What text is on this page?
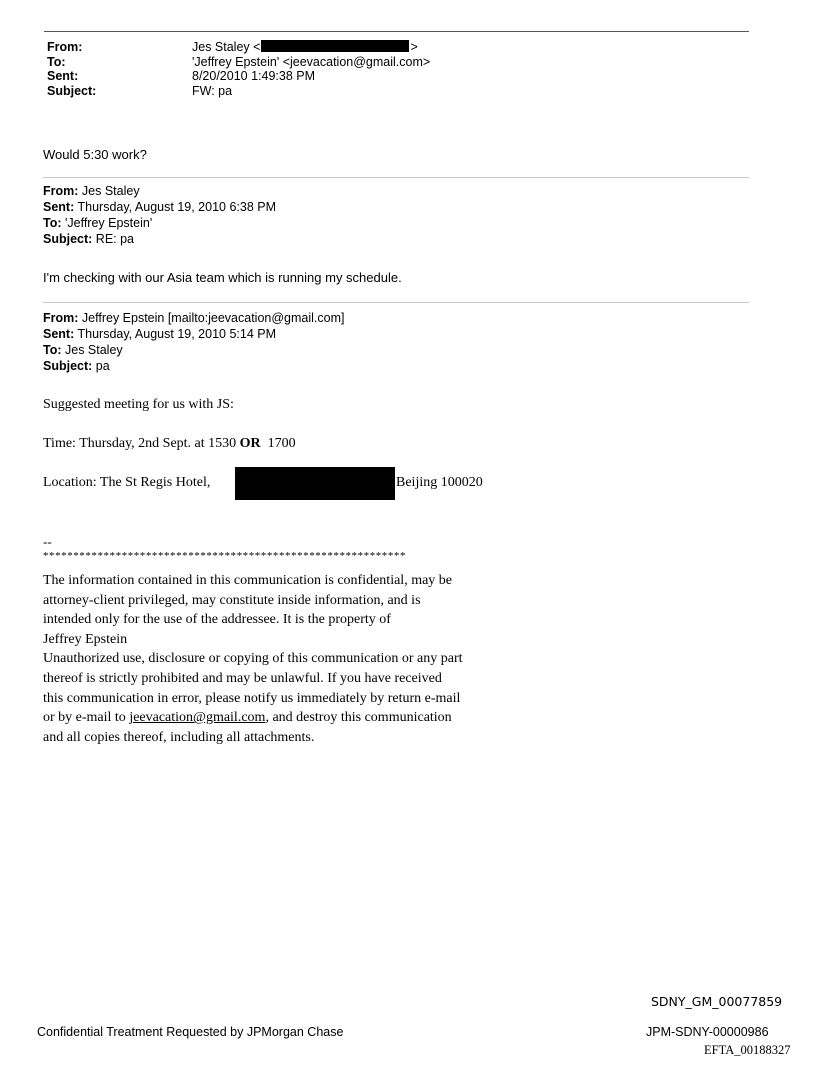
From:	Jes Staley <	>
To:	'Jeffrey Epstein' <jeevacation@gmail.com>
Sent:	8/20/2010 1:49:38 PM
Subject:	FW: pa
Would 5:30 work?
From: Jes Staley
Sent: Thursday, August 19, 2010 6:38 PM
To: 'Jeffrey Epstein'
Subject: RE: pa
I'm checking with our Asia team which is running my schedule.
From: Jeffrey Epstein [mailto:jeevacation@gmail.com]
Sent: Thursday, August 19, 2010 5:14 PM
To: Jes Staley
Subject: pa
Suggested meeting for us with JS:
Time: Thursday, 2nd Sept. at 1530 OR  1700
Location: The St Regis Hotel,	Beijing 100020
--
************************************************************
The information contained in this communication is confidential, may be attorney-client privileged, may constitute inside information, and is intended only for the use of the addressee. It is the property of
Jeffrey Epstein
Unauthorized use, disclosure or copying of this communication or any part thereof is strictly prohibited and may be unlawful. If you have received this communication in error, please notify us immediately by return e-mail or by e-mail to jeevacation@gmail.com, and destroy this communication and all copies thereof, including all attachments.
SDNY_GM_00077859
Confidential Treatment Requested by JPMorgan Chase	JPM-SDNY-00000986
EFTA_00188327
